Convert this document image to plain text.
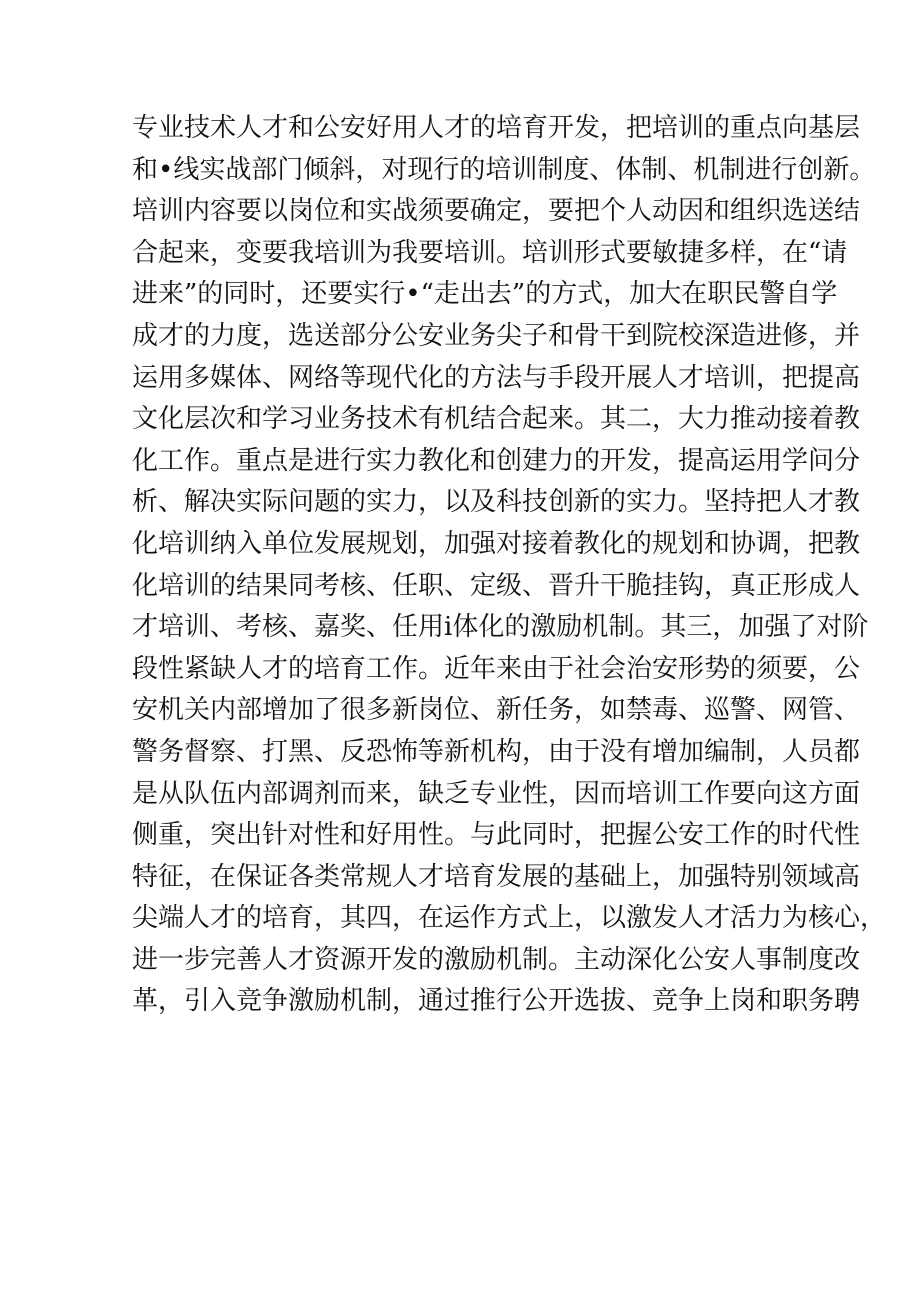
专业技术人才和公安好用人才的培育开发，把培训的重点向基层
和•线实战部门倾斜，对现行的培训制度、体制、机制进行创新。
培训内容要以岗位和实战须要确定，要把个人动因和组织选送结
合起来，变要我培训为我要培训。培训形式要敏捷多样，在“请
进来”的同时，还要实行•“走出去”的方式，加大在职民警自学
成才的力度，选送部分公安业务尖子和骨干到院校深造进修，并
运用多媒体、网络等现代化的方法与手段开展人才培训，把提高
文化层次和学习业务技术有机结合起来。其二，大力推动接着教
化工作。重点是进行实力教化和创建力的开发，提高运用学问分
析、解决实际问题的实力，以及科技创新的实力。坚持把人才教
化培训纳入单位发展规划，加强对接着教化的规划和协调，把教
化培训的结果同考核、任职、定级、晋升干脆挂钩，真正形成人
才培训、考核、嘉奖、任用i体化的激励机制。其三，加强了对阶
段性紧缺人才的培育工作。近年来由于社会治安形势的须要，公
安机关内部增加了很多新岗位、新任务，如禁毒、巡警、网管、
警务督察、打黑、反恐怖等新机构，由于没有增加编制，人员都
是从队伍内部调剂而来，缺乏专业性，因而培训工作要向这方面
侧重，突出针对性和好用性。与此同时，把握公安工作的时代性
特征，在保证各类常规人才培育发展的基础上，加强特别领域高
尖端人才的培育，其四，在运作方式上，以激发人才活力为核心，
进一步完善人才资源开发的激励机制。主动深化公安人事制度改
革，引入竞争激励机制，通过推行公开选拔、竞争上岗和职务聘
